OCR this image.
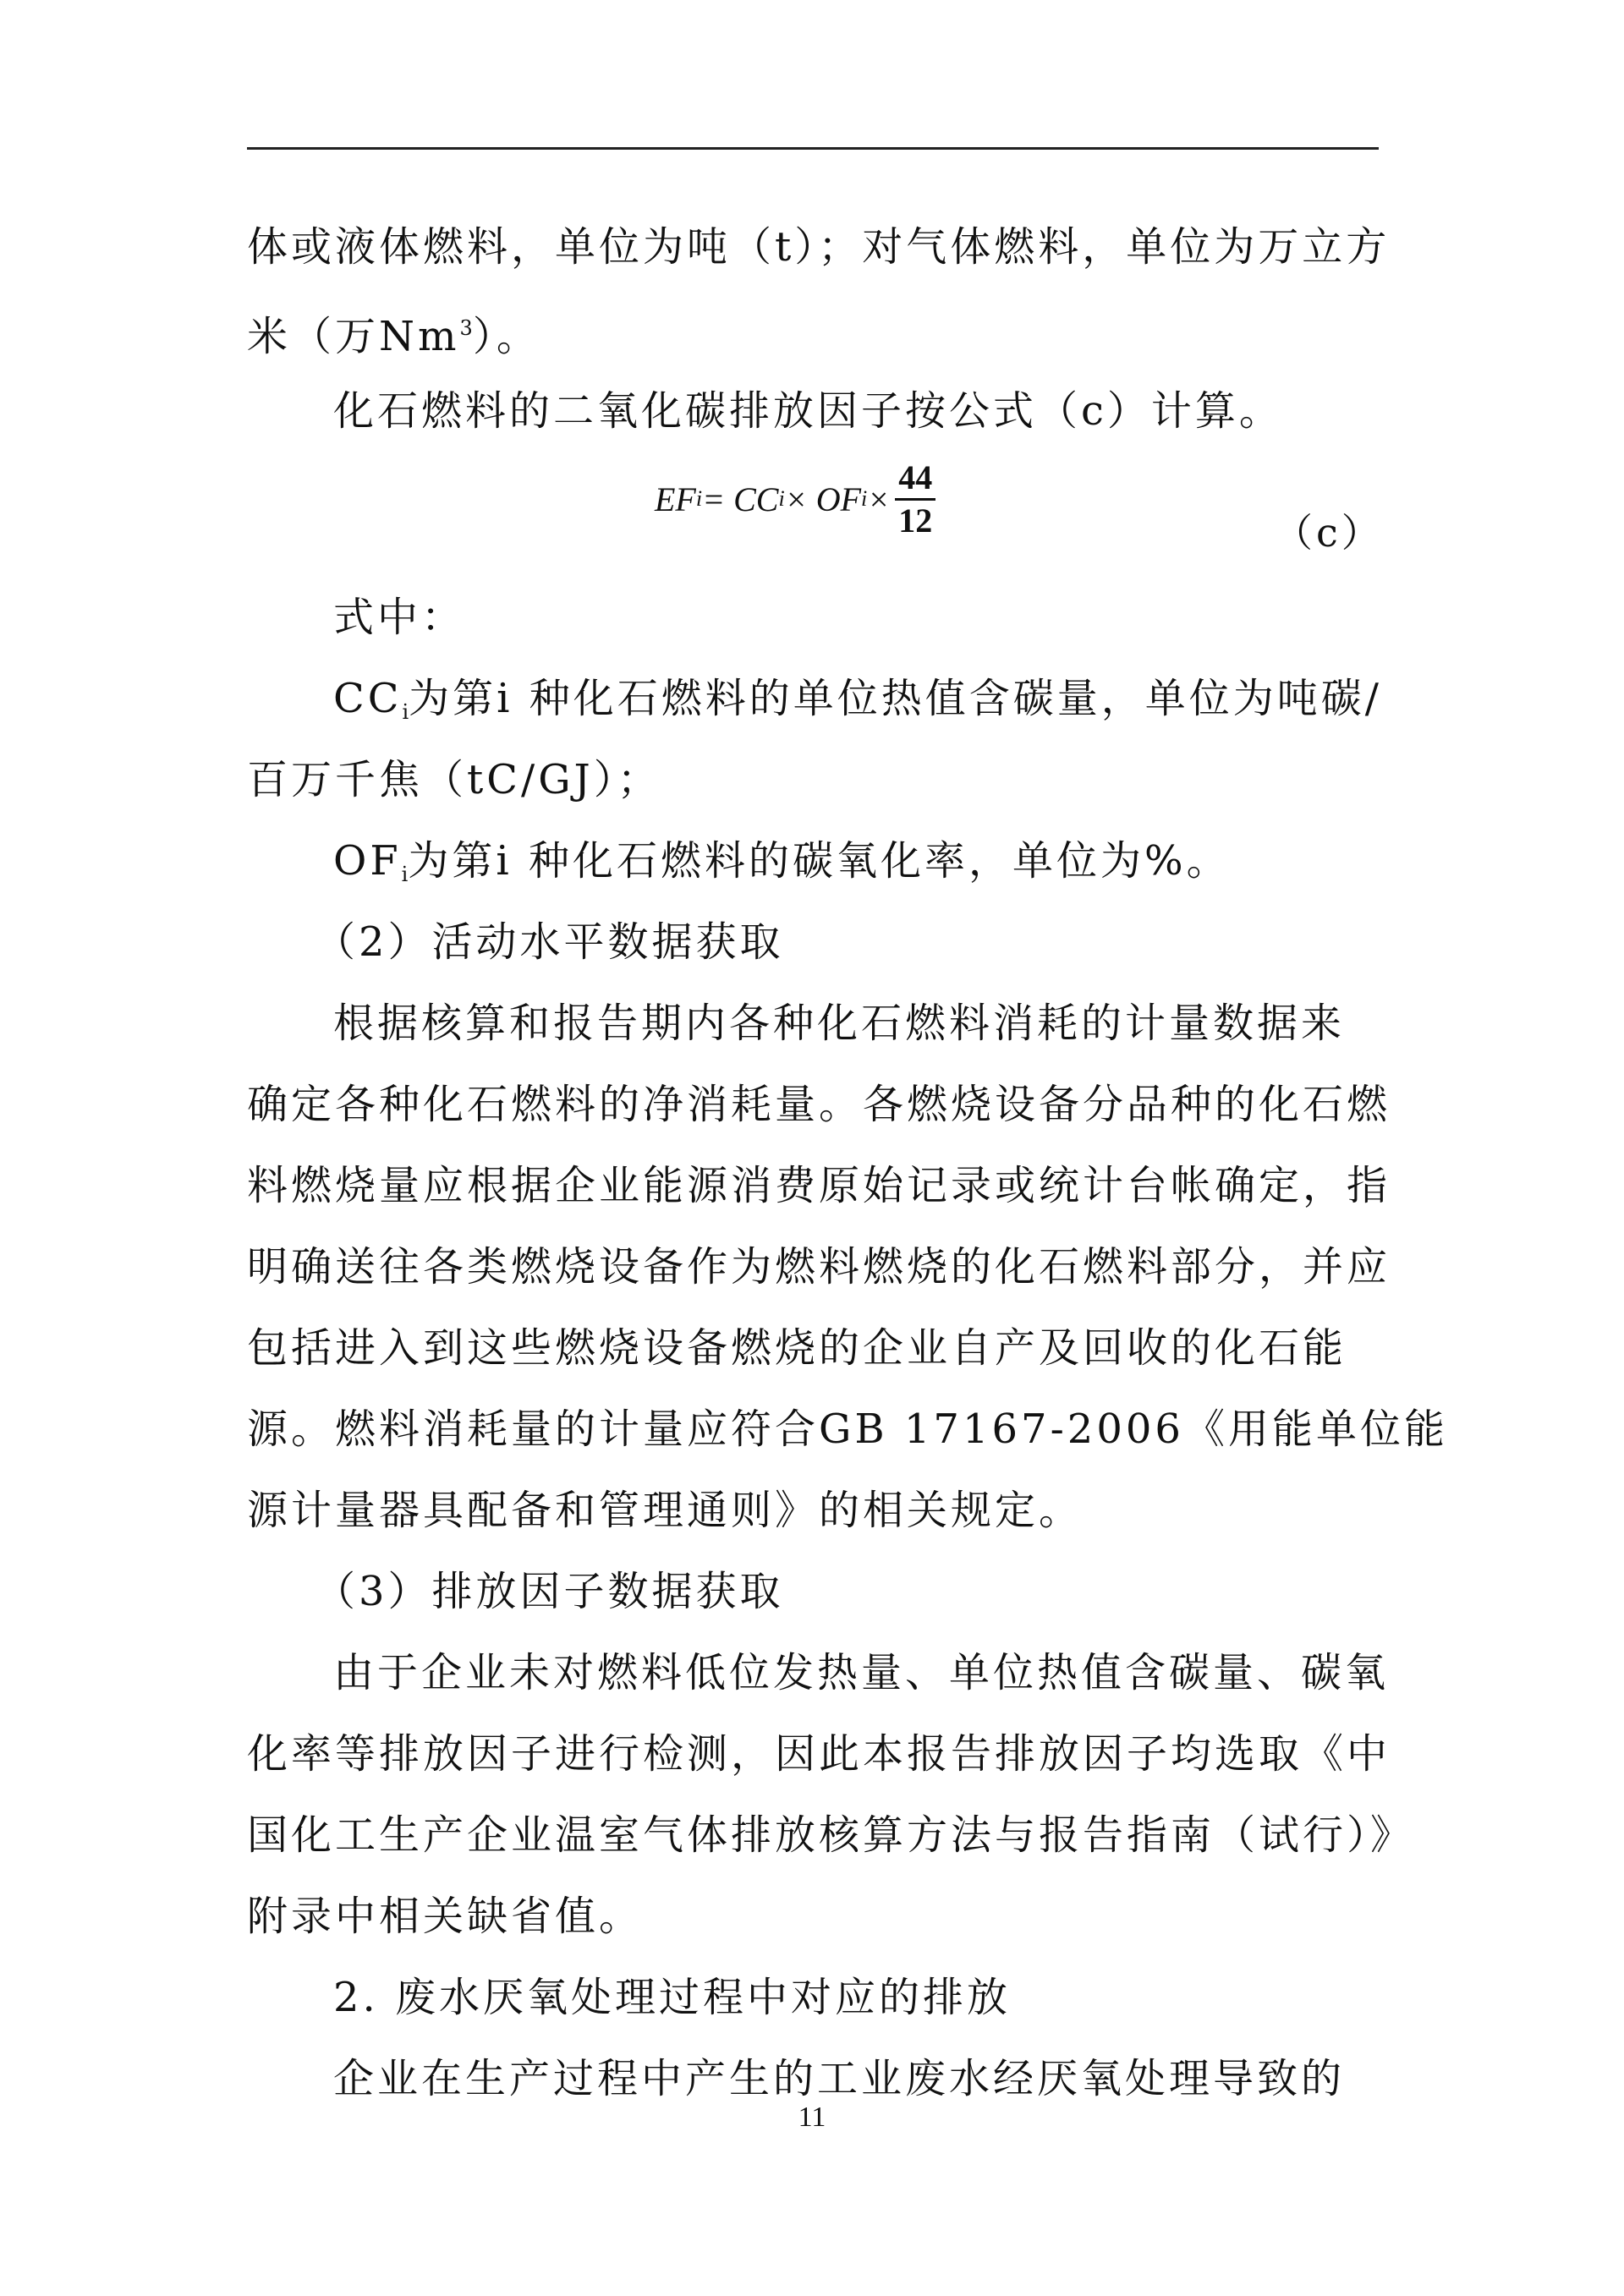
体或液体燃料，单位为吨（t）；对气体燃料，单位为万立方
米（万Nm$^3$）。
化石燃料的二氧化碳排放因子按公式（c）计算。
EF i = CC i × OF $i \times \frac{44}{12}$	（c）
式中：
CCi为第i 种化石燃料的单位热值含碳量，单位为吨碳/
百万千焦（tC/GJ）；
OFi为第i 种化石燃料的碳氧化率，单位为%。
（2）活动水平数据获取
根据核算和报告期内各种化石燃料消耗的计量数据来
确定各种化石燃料的净消耗量。各燃烧设备分品种的化石燃
料燃烧量应根据企业能源消费原始记录或统计台帐确定，指
明确送往各类燃烧设备作为燃料燃烧的化石燃料部分，并应
包括进入到这些燃烧设备燃烧的企业自产及回收的化石能
源。燃料消耗量的计量应符合GB 17167-2006《用能单位能
源计量器具配备和管理通则》的相关规定。
（3）排放因子数据获取
由于企业未对燃料低位发热量、单位热值含碳量、碳氧
化率等排放因子进行检测，因此本报告排放因子均选取《中
国化工生产企业温室气体排放核算方法与报告指南（试行）》
附录中相关缺省值。
2. 废水厌氧处理过程中对应的排放
企业在生产过程中产生的工业废水经厌氧处理导致的
11
